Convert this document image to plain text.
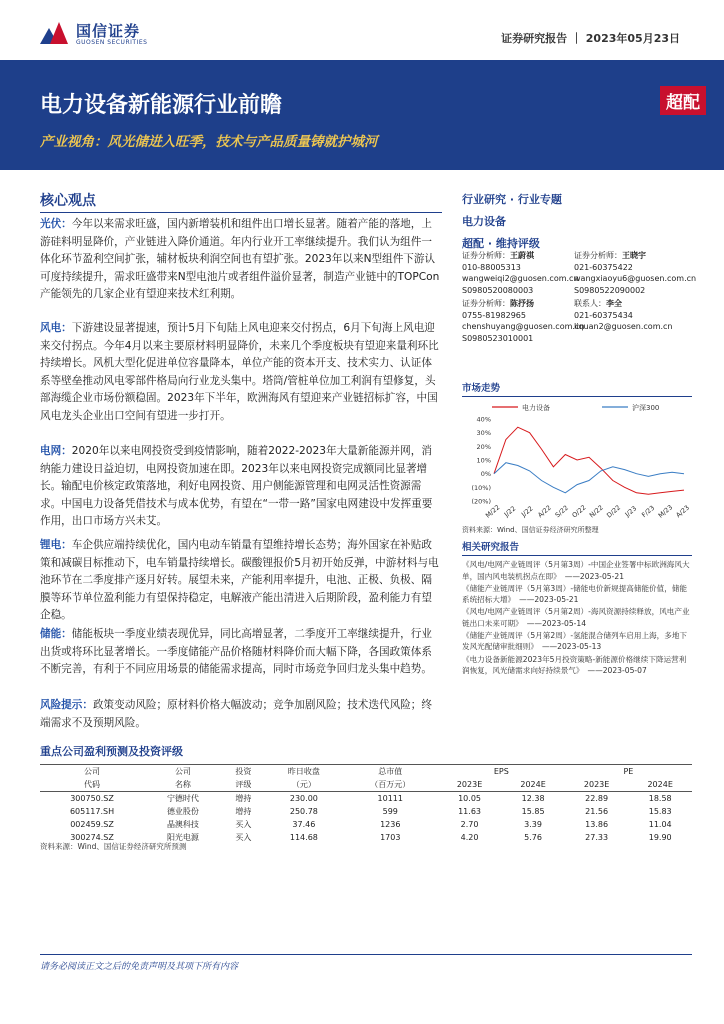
国信证券
GUOSEN SECURITIES	证券研究报告 ｜ 2023年05月23日
电力设备新能源行业前瞻
产业视角：风光储进入旺季，技术与产品质量铸就护城河
超配
核心观点
光伏：今年以来需求旺盛，国内新增装机和组件出口增长显著。随着产能的落地，上游硅料明显降价，产业链进入降价通道。年内行业开工率继续提升。我们认为组件一体化环节盈利空间扩张，辅材板块利润空间也有望扩张。2023年以来N型组件下游认可度持续提升，需求旺盛带来N型电池片或者组件溢价显著，制造产业链中的TOPCon产能领先的几家企业有望迎来技术红利期。
风电：下游建设显著提速，预计5月下旬陆上风电迎来交付拐点，6月下旬海上风电迎来交付拐点。今年4月以来主要原材料明显降价，未来几个季度板块有望迎来量利环比持续增长。风机大型化促进单位容量降本，单位产能的资本开支、技术实力、认证体系等壁垒推动风电零部件格局向行业龙头集中。塔筒/管桩单位加工利润有望修复，头部海缆企业市场份额稳固。2023年下半年，欧洲海风有望迎来产业链招标扩容，中国风电龙头企业出口空间有望进一步打开。
电网：2020年以来电网投资受到疫情影响，随着2022-2023年大量新能源并网，消纳能力建设日益迫切，电网投资加速在即。2023年以来电网投资完成额同比显著增长。输配电价核定政策落地，利好电网投资、用户侧能源管理和电网灵活性资源需求。中国电力设备凭借技术与成本优势，有望在“一带一路”国家电网建设中发挥重要作用，出口市场方兴未艾。
锂电：车企供应端持续优化，国内电动车销量有望维持增长态势；海外国家在补贴政策和减碳目标推动下，电车销量持续增长。碳酸锂报价5月初开始反弹，中游材料与电池环节在二季度排产逐月好转。展望未来，产能利用率提升，电池、正极、负极、隔膜等环节单位盈利能力有望保持稳定，电解液产能出清进入后期阶段，盈利能力有望企稳。
储能：储能板块一季度业绩表现优异，同比高增显著，二季度开工率继续提升，行业出货或将环比显著增长。一季度储能产品价格随材料降价而大幅下降，各国政策体系不断完善，有利于不同应用场景的储能需求提高，同时市场竞争回归龙头集中趋势。
风险提示：政策变动风险；原材料价格大幅波动；竞争加剧风险；技术迭代风险；终端需求不及预期风险。
行业研究 · 行业专题
电力设备
超配 · 维持评级
证券分析师：王蔚祺
010-88005313
wangweiqi2@guosen.com.cn
S0980520080003
证券分析师：王晓宇
021-60375422
wangxiaoyu6@guosen.com.cn
S0980522090002
证券分析师：陈抒扬
0755-81982965
chenshuyang@guosen.com.cn
S0980523010001
联系人：李全
021-60375434
liquan2@guosen.com.cn
市场走势
电力设备	沪深300
40%
30%
20%
10%
0%
(10%)
(20%)
M/22 J/22 J/22 A/22 S/22 O/22 N/22 D/22 J/23 F/23 M/23 A/23
资料来源：Wind、国信证券经济研究所整理
相关研究报告
《风电/电网产业链周评（5月第3周）-中国企业签署中标欧洲海风大单，国内风电装机拐点在即》 ——2023-05-21
《储能产业链周评（5月第3周）-储能电价新规提高储能价值，储能系统招标大增》 ——2023-05-21
《风电/电网产业链周评（5月第2周）-海风资源持续释放，风电产业链出口未来可期》 ——2023-05-14
《储能产业链周评（5月第2周）-氢能混合储列车启用上海，多地下发风光配储审批细则》 ——2023-05-13
《电力设备新能源2023年5月投资策略-新能源价格继续下降运营利润恢复，风光储需求向好持续景气》 ——2023-05-07
重点公司盈利预测及投资评级
公司	公司	投资	昨日收盘	总市值	EPS		PE	
代码	名称	评级	（元）	（百万元）	2023E	2024E	2023E	2024E
300750.SZ	宁德时代	增持	230.00	10111	10.05	12.38	22.89	18.58
605117.SH	德业股份	增持	250.78	599	11.63	15.85	21.56	15.83
002459.SZ	晶澳科技	买入	37.46	1236	2.70	3.39	13.86	11.04
300274.SZ	阳光电源	买入	114.68	1703	4.20	5.76	27.33	19.90
资料来源：Wind、国信证券经济研究所预测
请务必阅读正文之后的免责声明及其项下所有内容
